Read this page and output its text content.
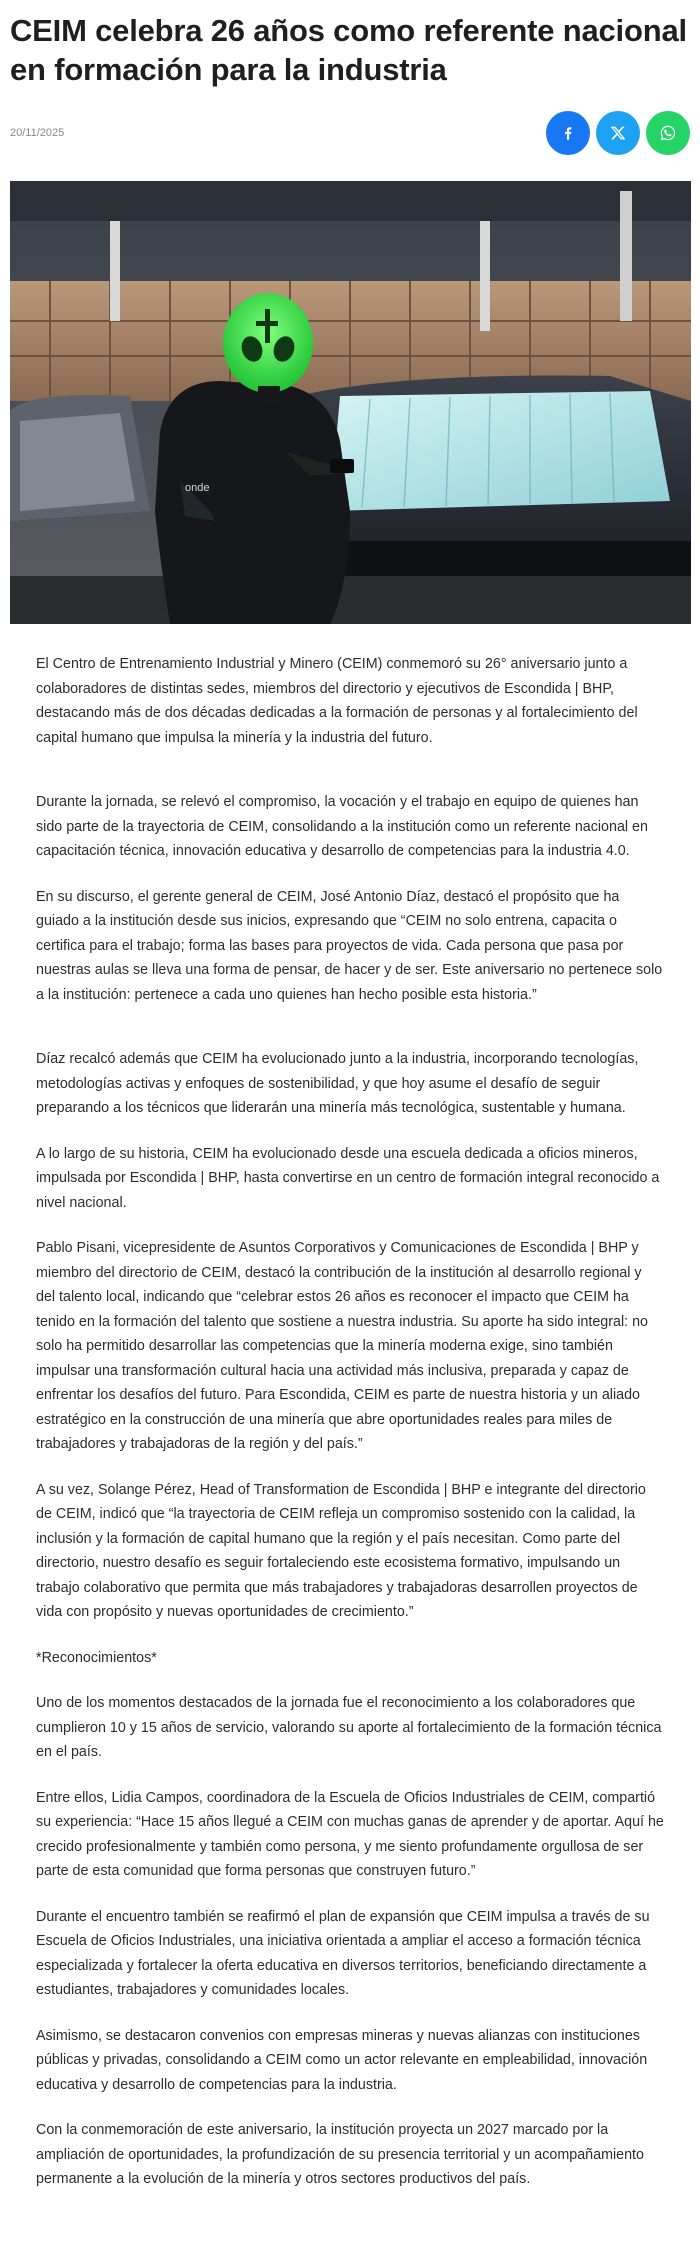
CEIM celebra 26 años como referente nacional en formación para la industria
20/11/2025
onde

El Centro de Entrenamiento Industrial y Minero (CEIM) conmemoró su 26° aniversario junto a colaboradores de distintas sedes, miembros del directorio y ejecutivos de Escondida | BHP, destacando más de dos décadas dedicadas a la formación de personas y al fortalecimiento del capital humano que impulsa la minería y la industria del futuro.

Durante la jornada, se relevó el compromiso, la vocación y el trabajo en equipo de quienes han sido parte de la trayectoria de CEIM, consolidando a la institución como un referente nacional en capacitación técnica, innovación educativa y desarrollo de competencias para la industria 4.0.

En su discurso, el gerente general de CEIM, José Antonio Díaz, destacó el propósito que ha guiado a la institución desde sus inicios, expresando que “CEIM no solo entrena, capacita o certifica para el trabajo; forma las bases para proyectos de vida. Cada persona que pasa por nuestras aulas se lleva una forma de pensar, de hacer y de ser. Este aniversario no pertenece solo a la institución: pertenece a cada uno quienes han hecho posible esta historia.”

Díaz recalcó además que CEIM ha evolucionado junto a la industria, incorporando tecnologías, metodologías activas y enfoques de sostenibilidad, y que hoy asume el desafío de seguir preparando a los técnicos que liderarán una minería más tecnológica, sustentable y humana.

A lo largo de su historia, CEIM ha evolucionado desde una escuela dedicada a oficios mineros, impulsada por Escondida | BHP, hasta convertirse en un centro de formación integral reconocido a nivel nacional.

Pablo Pisani, vicepresidente de Asuntos Corporativos y Comunicaciones de Escondida | BHP y miembro del directorio de CEIM, destacó la contribución de la institución al desarrollo regional y del talento local, indicando que “celebrar estos 26 años es reconocer el impacto que CEIM ha tenido en la formación del talento que sostiene a nuestra industria. Su aporte ha sido integral: no solo ha permitido desarrollar las competencias que la minería moderna exige, sino también impulsar una transformación cultural hacia una actividad más inclusiva, preparada y capaz de enfrentar los desafíos del futuro. Para Escondida, CEIM es parte de nuestra historia y un aliado estratégico en la construcción de una minería que abre oportunidades reales para miles de trabajadores y trabajadoras de la región y del país.”

A su vez, Solange Pérez, Head of Transformation de Escondida | BHP e integrante del directorio de CEIM, indicó que “la trayectoria de CEIM refleja un compromiso sostenido con la calidad, la inclusión y la formación de capital humano que la región y el país necesitan. Como parte del directorio, nuestro desafío es seguir fortaleciendo este ecosistema formativo, impulsando un trabajo colaborativo que permita que más trabajadores y trabajadoras desarrollen proyectos de vida con propósito y nuevas oportunidades de crecimiento.”

*Reconocimientos*

Uno de los momentos destacados de la jornada fue el reconocimiento a los colaboradores que cumplieron 10 y 15 años de servicio, valorando su aporte al fortalecimiento de la formación técnica en el país.

Entre ellos, Lidia Campos, coordinadora de la Escuela de Oficios Industriales de CEIM, compartió su experiencia: “Hace 15 años llegué a CEIM con muchas ganas de aprender y de aportar. Aquí he crecido profesionalmente y también como persona, y me siento profundamente orgullosa de ser parte de esta comunidad que forma personas que construyen futuro.”

Durante el encuentro también se reafirmó el plan de expansión que CEIM impulsa a través de su Escuela de Oficios Industriales, una iniciativa orientada a ampliar el acceso a formación técnica especializada y fortalecer la oferta educativa en diversos territorios, beneficiando directamente a estudiantes, trabajadores y comunidades locales.

Asimismo, se destacaron convenios con empresas mineras y nuevas alianzas con instituciones públicas y privadas, consolidando a CEIM como un actor relevante en empleabilidad, innovación educativa y desarrollo de competencias para la industria.

Con la conmemoración de este aniversario, la institución proyecta un 2027 marcado por la ampliación de oportunidades, la profundización de su presencia territorial y un acompañamiento permanente a la evolución de la minería y otros sectores productivos del país.
